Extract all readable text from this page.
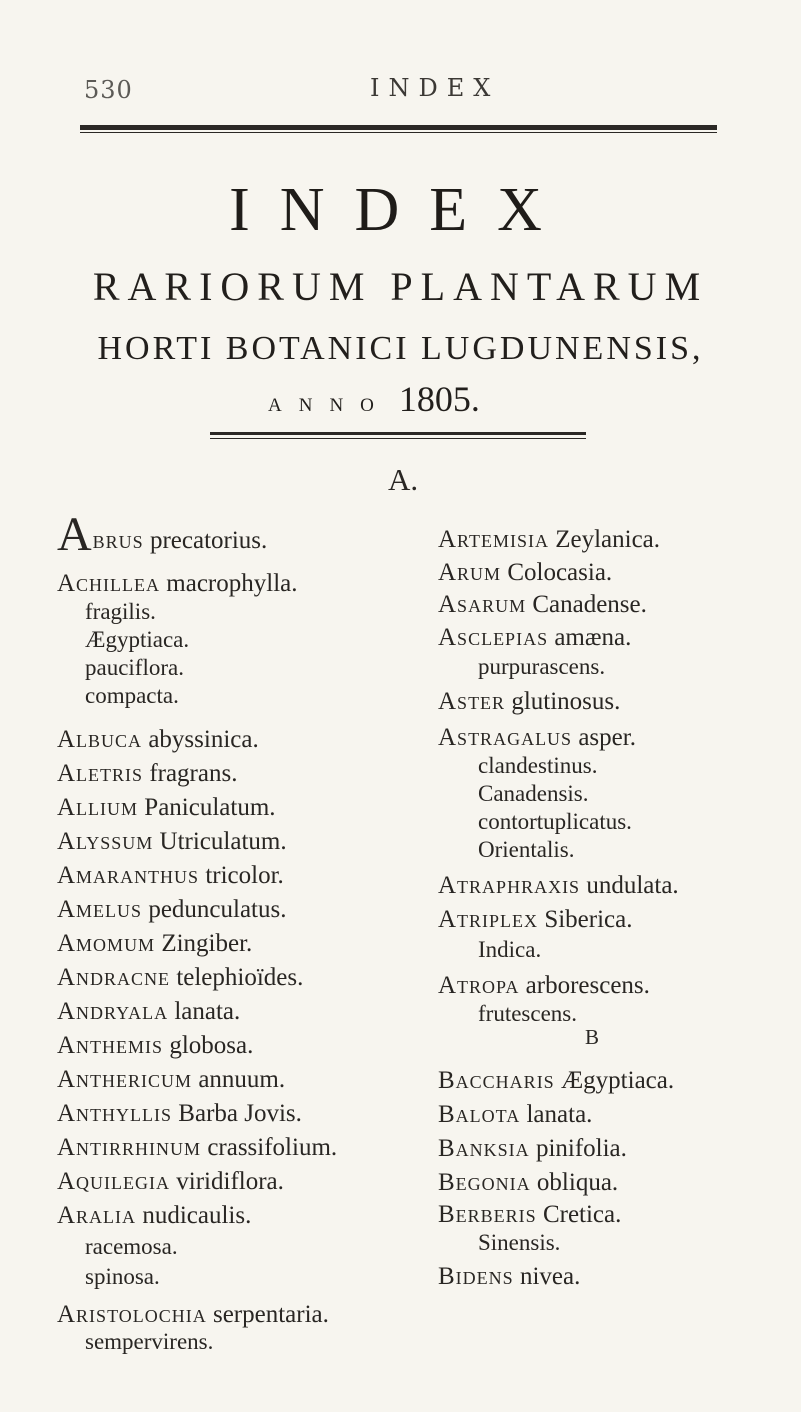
530	INDEX
INDEX
RARIORUM PLANTARUM
HORTI BOTANICI LUGDUNENSIS,
ANNO 1805.
A.
Abrus precatorius.
Achillea macrophylla.
fragilis.
Ægyptiaca.
pauciflora.
compacta.
Albuca abyssinica.
Aletris fragrans.
Allium Paniculatum.
Alyssum Utriculatum.
Amaranthus tricolor.
Amelus pedunculatus.
Amomum Zingiber.
Andracne telephioïdes.
Andryala lanata.
Anthemis globosa.
Anthericum annuum.
Anthyllis Barba Jovis.
Antirrhinum crassifolium.
Aquilegia viridiflora.
Aralia nudicaulis.
racemosa.
spinosa.
Aristolochia serpentaria.
sempervirens.
Artemisia Zeylanica.
Arum Colocasia.
Asarum Canadense.
Asclepias amæna.
purpurascens.
Aster glutinosus.
Astragalus asper.
clandestinus.
Canadensis.
contortuplicatus.
Orientalis.
Atraphraxis undulata.
Atriplex Siberica.
Indica.
Atropa arborescens.
frutescens.
B
Baccharis Ægyptiaca.
Balota lanata.
Banksia pinifolia.
Begonia obliqua.
Berberis Cretica.
Sinensis.
Bidens nivea.
